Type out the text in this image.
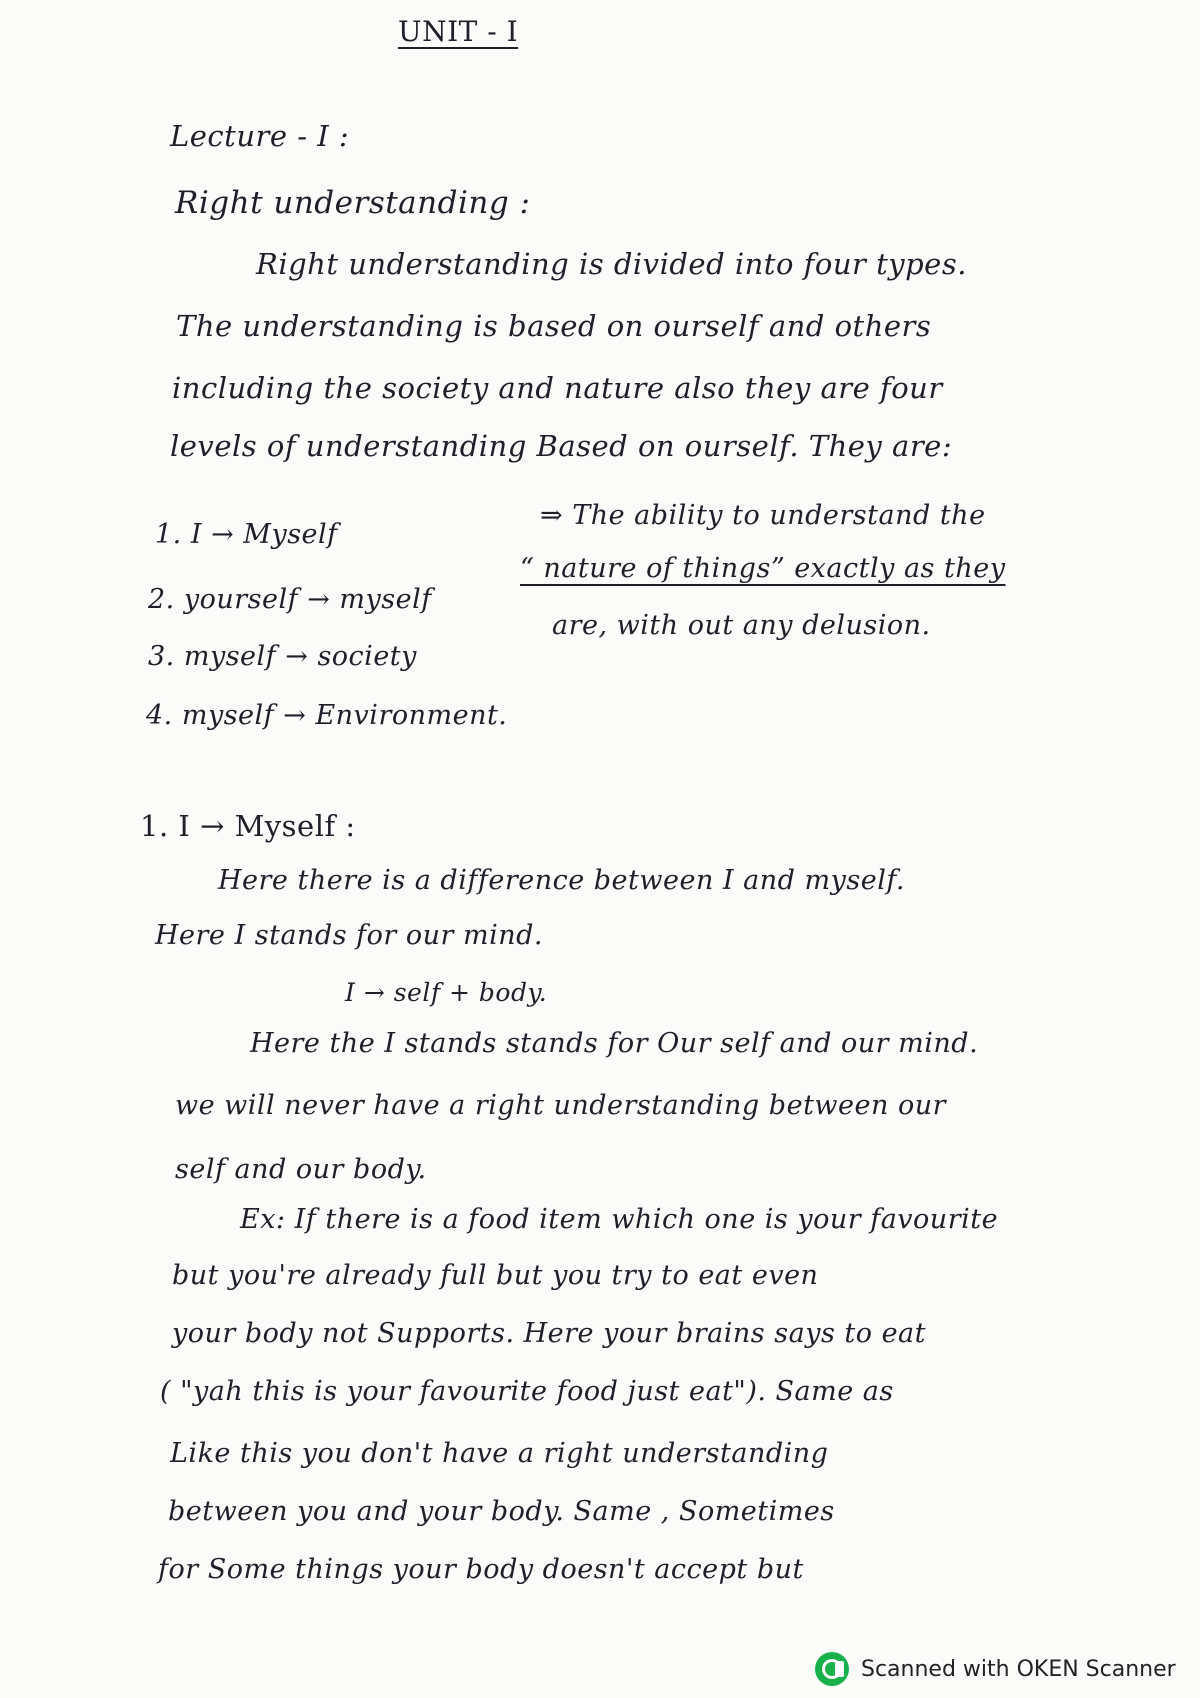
UNIT - I
Lecture - I :
Right understanding :
Right understanding is divided into four types.
The understanding is based on ourself and others
including the society and nature also they are four
levels of understanding Based on ourself. They are:
1. I → Myself
2. yourself → myself
3. myself → society
4. myself → Environment.
⇒ The ability to understand the
“ nature of things” exactly as they
are, with out any delusion.
1. I → Myself :
Here there is a difference between I and myself.
Here I stands for our mind.
I → self + body.
Here the I stands stands for Our self and our mind.
we will never have a right understanding between our
self and our body.
Ex: If there is a food item which one is your favourite
but you're already full but you try to eat even
your body not Supports. Here your brains says to eat
( "yah this is your favourite food just eat"). Same as
Like this you don't have a right understanding
between you and your body. Same , Sometimes
for Some things your body doesn't accept but
Scanned with OKEN Scanner
